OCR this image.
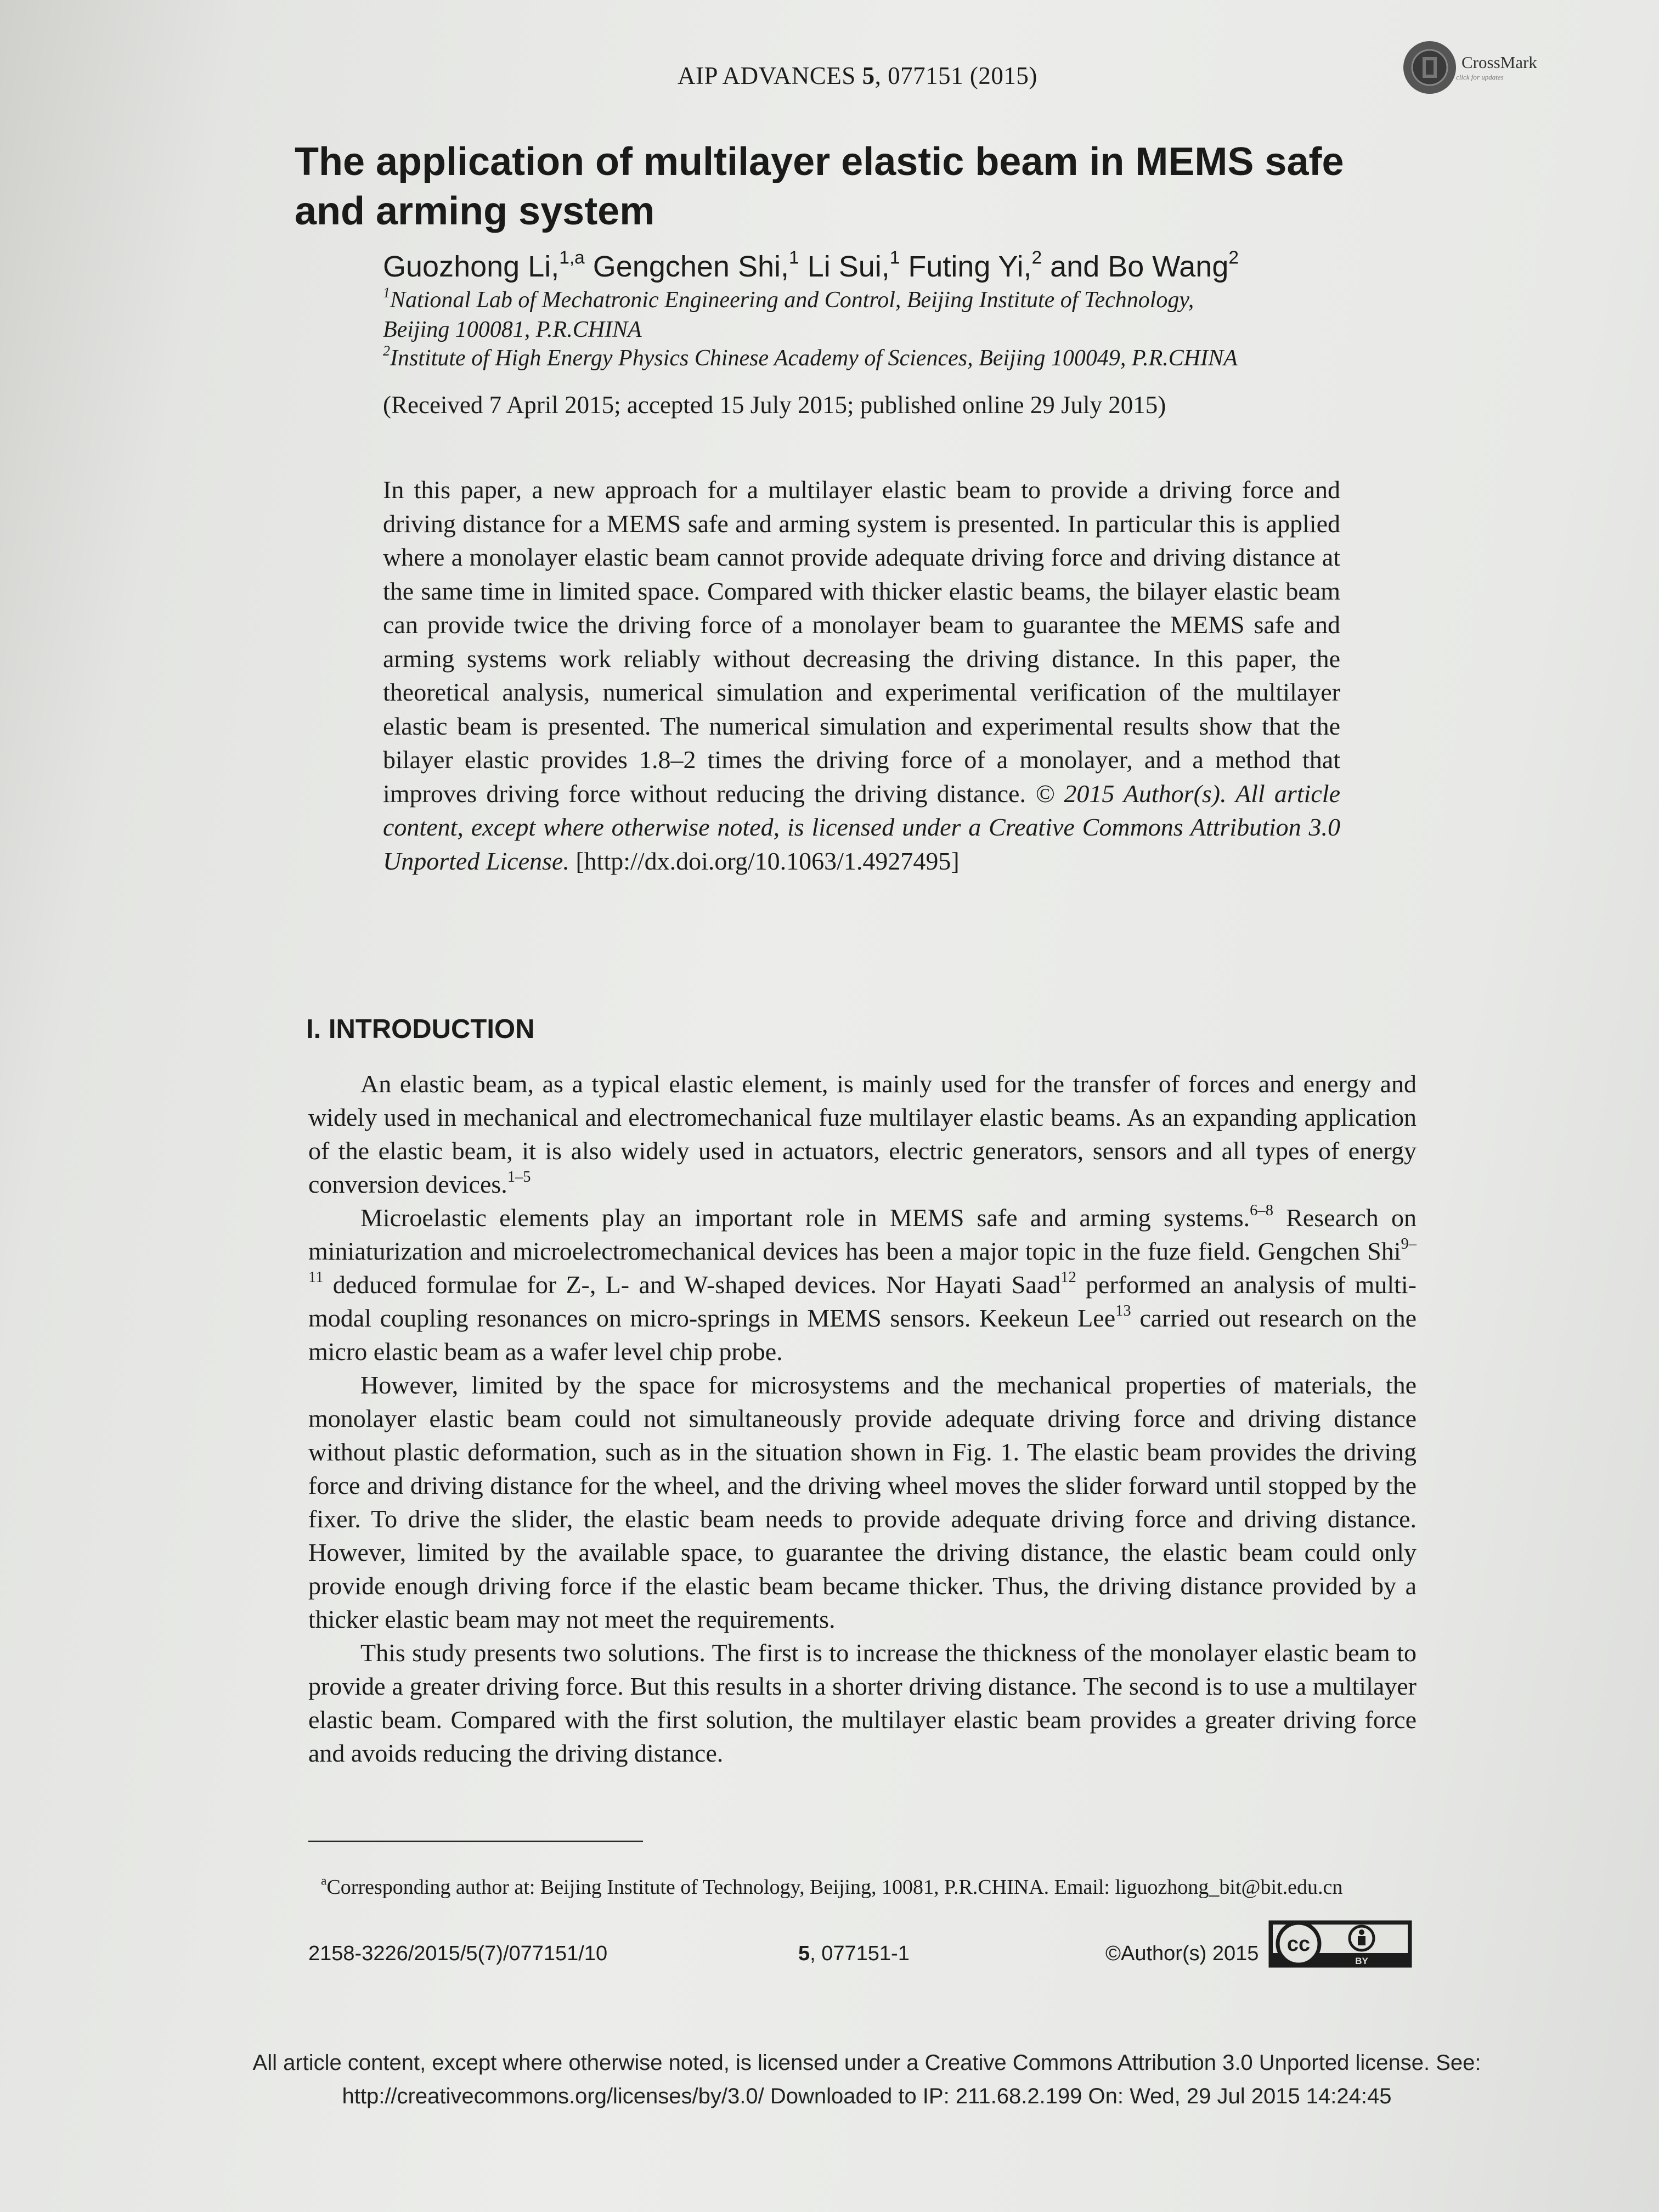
AIP ADVANCES 5, 077151 (2015)	CrossMark
click for updates
The application of multilayer elastic beam in MEMS safe
and arming system
Guozhong Li,$^{1,a}$ Gengchen Shi,$^1$ Li Sui,$^1$ Futing Yi,$^2$ and Bo Wang$^2$
$^1$National Lab of Mechatronic Engineering and Control, Beijing Institute of Technology,
Beijing 100081, P.R.CHINA
$^2$Institute of High Energy Physics Chinese Academy of Sciences, Beijing 100049, P.R.CHINA
(Received 7 April 2015; accepted 15 July 2015; published online 29 July 2015)
In this paper, a new approach for a multilayer elastic beam to provide a driving force and driving distance for a MEMS safe and arming system is presented. In particular this is applied where a monolayer elastic beam cannot provide adequate driving force and driving distance at the same time in limited space. Compared with thicker elastic beams, the bilayer elastic beam can provide twice the driving force of a monolayer beam to guarantee the MEMS safe and arming systems work reliably without decreasing the driving distance. In this paper, the theoretical analysis, numerical simulation and experimental verification of the multilayer elastic beam is presented. The numerical simulation and experimental results show that the bilayer elastic provides 1.8–2 times the driving force of a monolayer, and a method that improves driving force without reducing the driving distance. © 2015 Author(s). All article content, except where otherwise noted, is licensed under a Creative Commons Attribution 3.0 Unported License. [http://dx.doi.org/10.1063/1.4927495]
I. INTRODUCTION

An elastic beam, as a typical elastic element, is mainly used for the transfer of forces and energy and widely used in mechanical and electromechanical fuze multilayer elastic beams. As an expanding application of the elastic beam, it is also widely used in actuators, electric generators, sensors and all types of energy conversion devices.$^{1-5}$

Microelastic elements play an important role in MEMS safe and arming systems.$^{6-8}$ Research on miniaturization and microelectromechanical devices has been a major topic in the fuze field. Gengchen Shi$^{9-11}$ deduced formulae for Z-, L- and W-shaped devices. Nor Hayati Saad$^{12}$ performed an analysis of multi-modal coupling resonances on micro-springs in MEMS sensors. Keekeun Lee$^{13}$ carried out research on the micro elastic beam as a wafer level chip probe.

However, limited by the space for microsystems and the mechanical properties of materials, the monolayer elastic beam could not simultaneously provide adequate driving force and driving distance without plastic deformation, such as in the situation shown in Fig. 1. The elastic beam provides the driving force and driving distance for the wheel, and the driving wheel moves the slider forward until stopped by the fixer. To drive the slider, the elastic beam needs to provide adequate driving force and driving distance. However, limited by the available space, to guarantee the driving distance, the elastic beam could only provide enough driving force if the elastic beam became thicker. Thus, the driving distance provided by a thicker elastic beam may not meet the requirements.

This study presents two solutions. The first is to increase the thickness of the monolayer elastic beam to provide a greater driving force. But this results in a shorter driving distance. The second is to use a multilayer elastic beam. Compared with the first solution, the multilayer elastic beam provides a greater driving force and avoids reducing the driving distance.

$^a$Corresponding author at: Beijing Institute of Technology, Beijing, 10081, P.R.CHINA. Email: liguozhong_bit@bit.edu.cn
2158-3226/2015/5(7)/077151/10	5, 077151-1	©Author(s) 2015 cc
BY
All article content, except where otherwise noted, is licensed under a Creative Commons Attribution 3.0 Unported license. See:
http://creativecommons.org/licenses/by/3.0/ Downloaded to IP: 211.68.2.199 On: Wed, 29 Jul 2015 14:24:45
